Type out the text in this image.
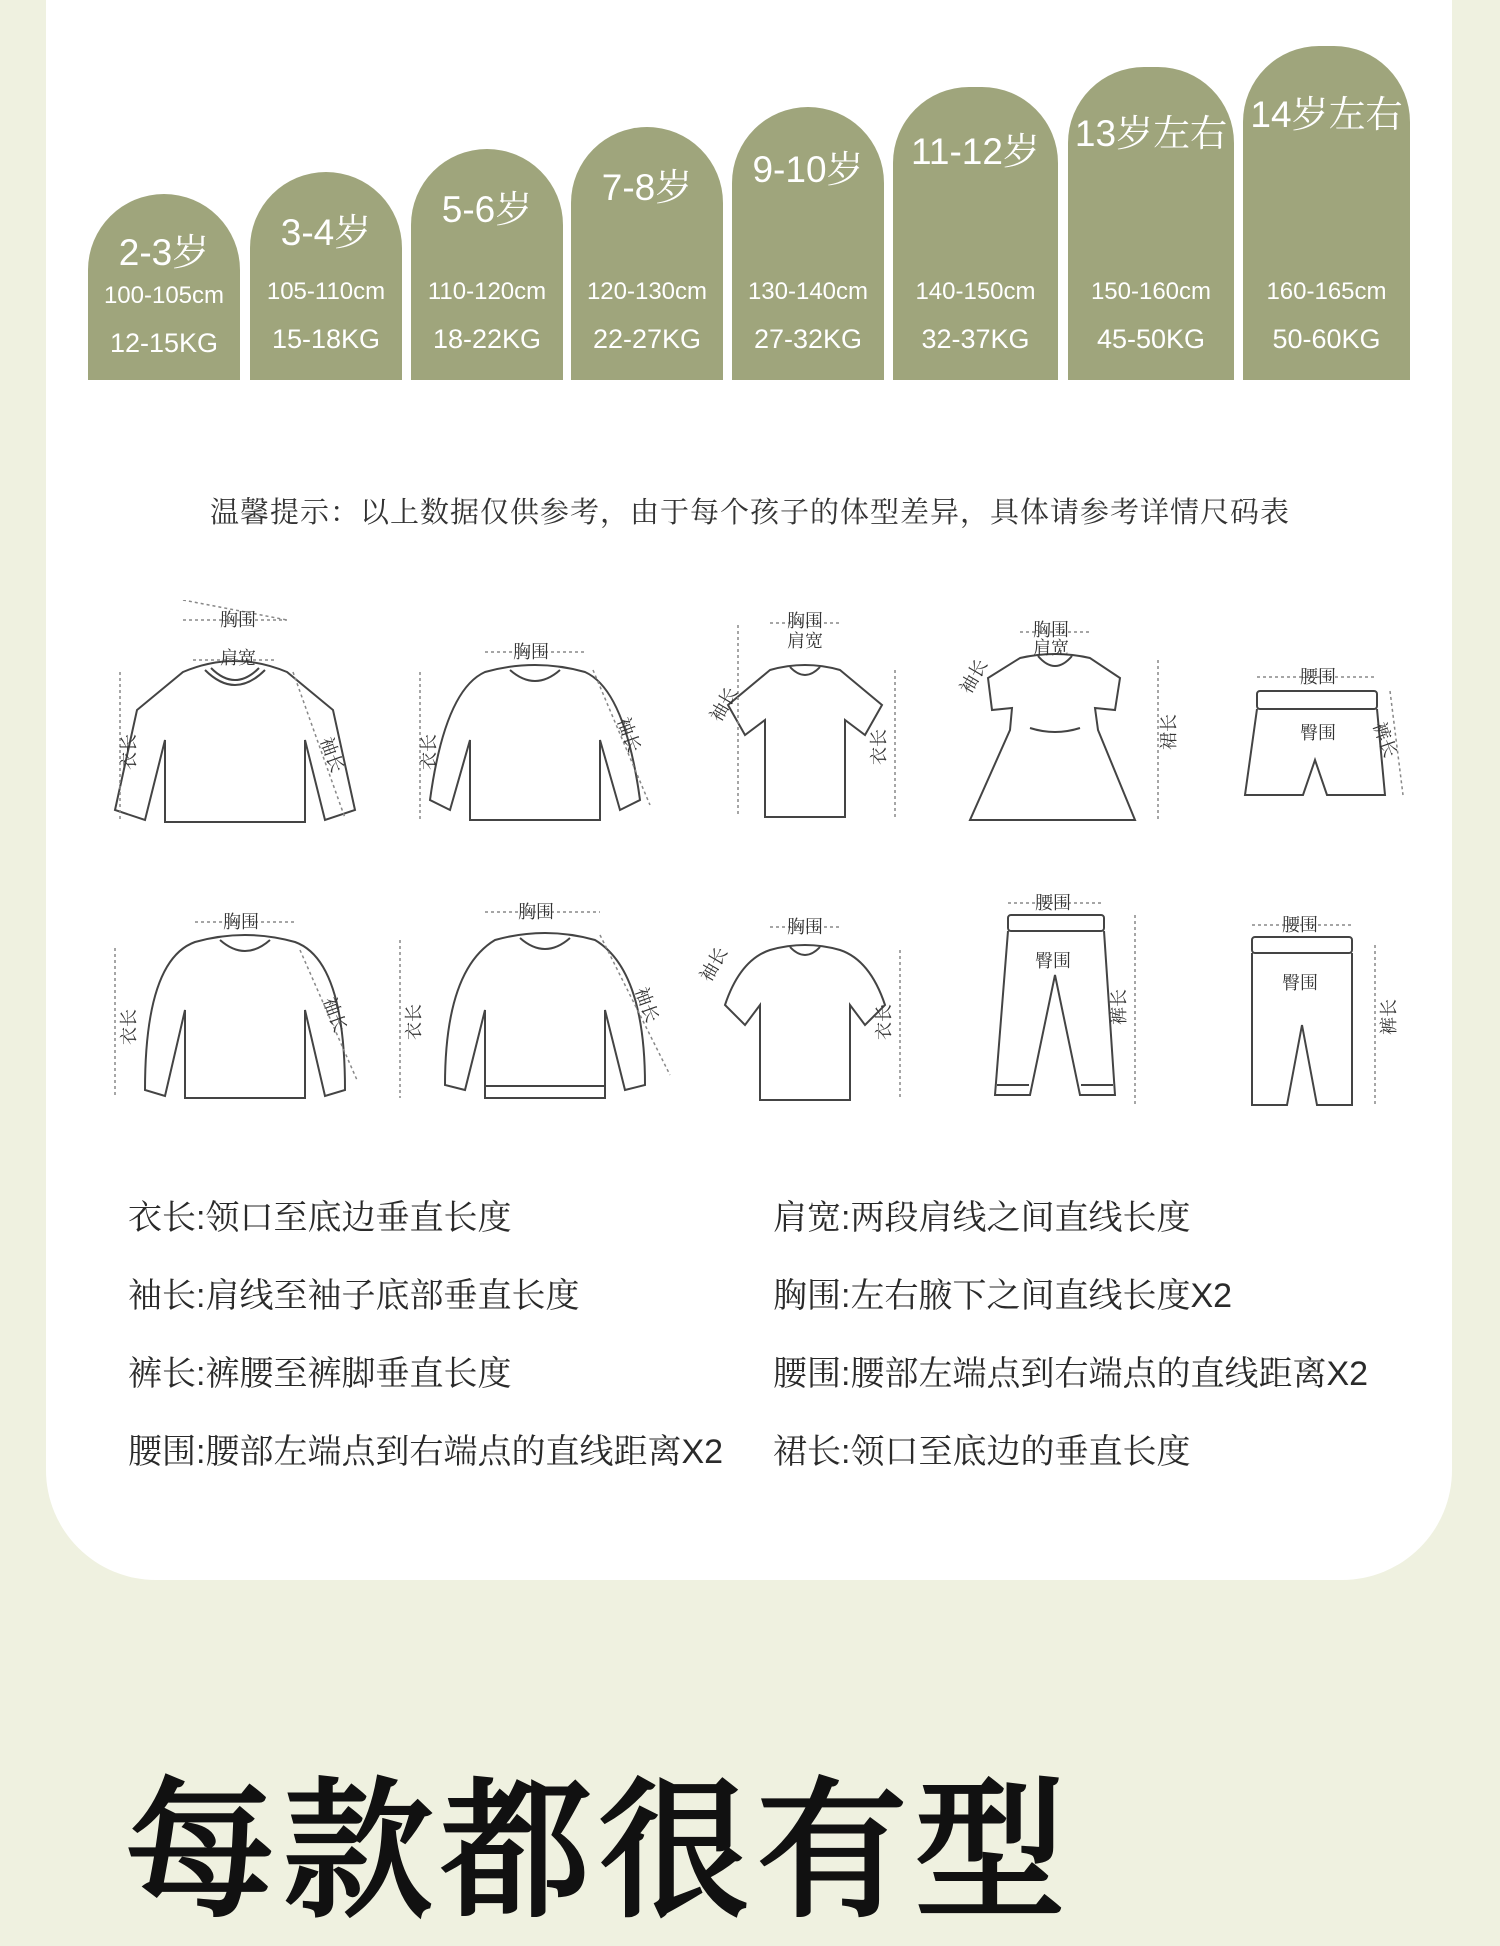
2-3岁
100-105cm
12-15KG
3-4岁
105-110cm
15-18KG
5-6岁
110-120cm
18-22KG
7-8岁
120-130cm
22-27KG
9-10岁
130-140cm
27-32KG
11-12岁
140-150cm
32-37KG
13岁左右
150-160cm
45-50KG
14岁左右
160-165cm
50-60KG
温馨提示：以上数据仅供参考，由于每个孩子的体型差异，具体请参考详情尺码表
胸围
肩宽
衣长	袖长
胸围
衣长	袖长
胸围
肩宽
袖长
衣长
胸围
肩宽
袖长
裙长
腰围
臀围 裤长
胸围
衣长	袖长
胸围
衣长	袖长
胸围
袖长
衣长
腰围
臀围
裤长
腰围
臀围
裤长
衣长:领口至底边垂直长度	肩宽:两段肩线之间直线长度
袖长:肩线至袖子底部垂直长度	胸围:左右腋下之间直线长度X2
裤长:裤腰至裤脚垂直长度	腰围:腰部左端点到右端点的直线距离X2
腰围:腰部左端点到右端点的直线距离X2 裙长:领口至底边的垂直长度
每款都很有型
